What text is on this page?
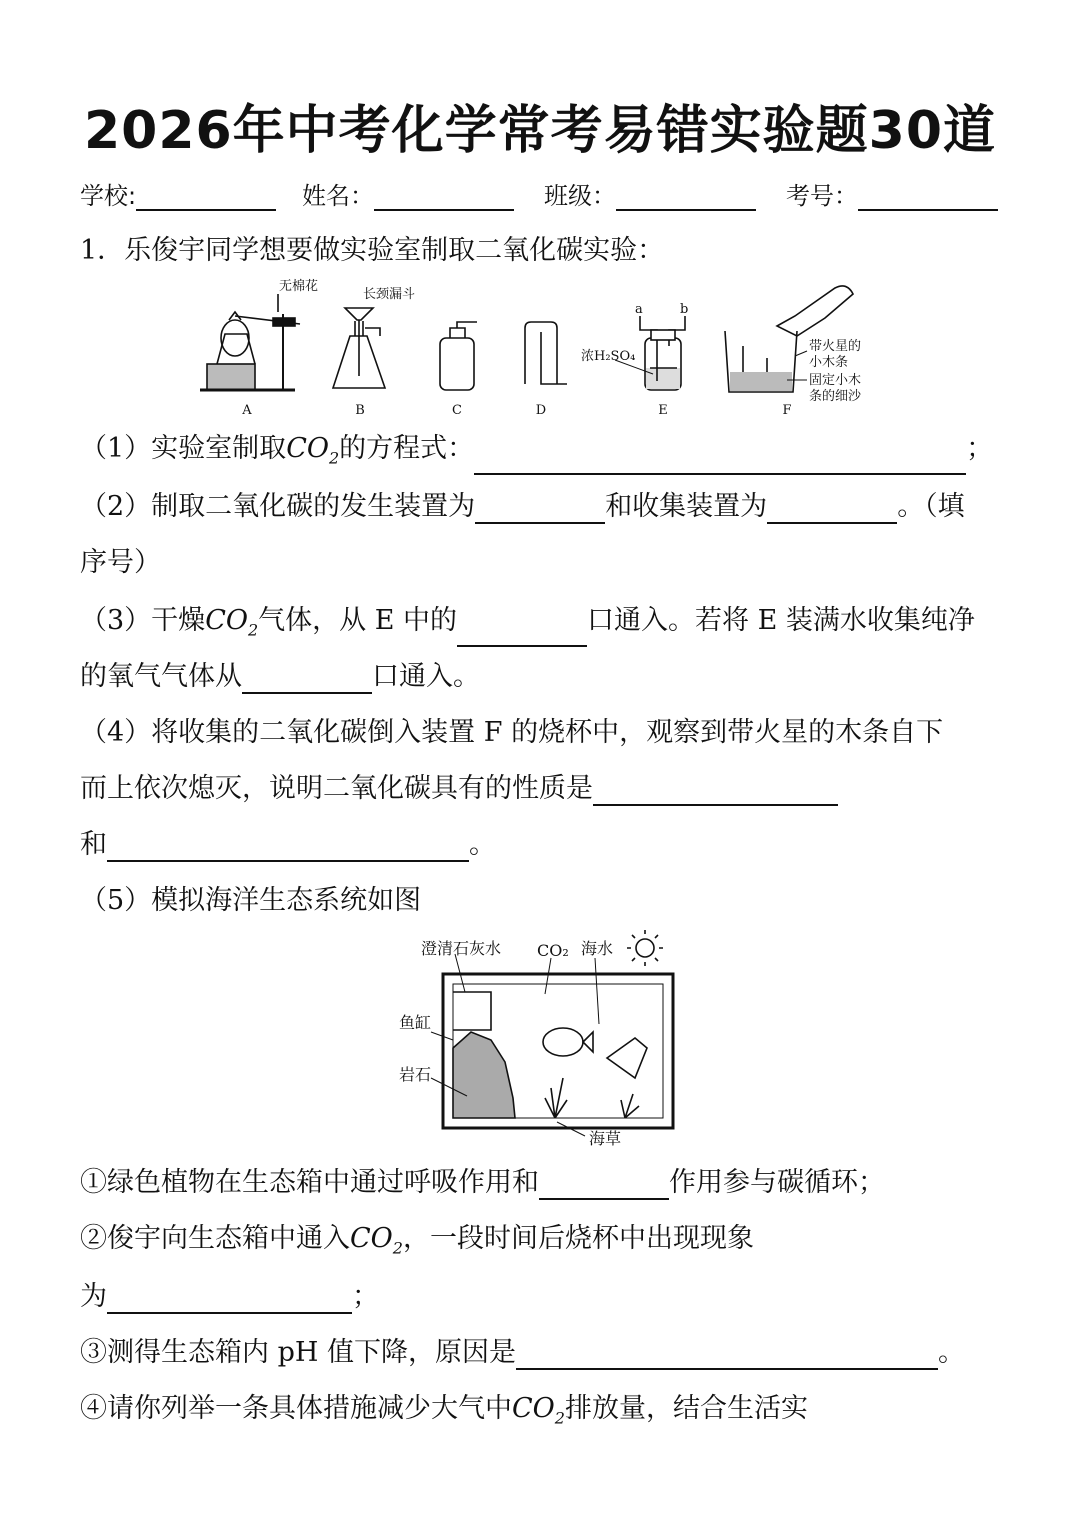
2026年中考化学常考易错实验题30道
学校:	姓名：	班级：	考号：
1．乐俊宇同学想要做实验室制取二氧化碳实验：
无棉花
长颈漏斗
a	b
浓H₂SO₄
带火星的
小木条
固定小木
条的细沙
A	B	C	D	E	F
（1）实验室制取$CO_2$的方程式：	；
（2）制取二氧化碳的发生装置为	和收集装置为	。（填
序号）
（3）干燥$CO_2$气体，从 E 中的	口通入。若将 E 装满水收集纯净
的氧气气体从	口通入。
（4）将收集的二氧化碳倒入装置 F 的烧杯中，观察到带火星的木条自下
而上依次熄灭，说明二氧化碳具有的性质是
和	。
（5）模拟海洋生态系统如图
澄清石灰水 CO₂ 海水
鱼缸
岩石
海草
①绿色植物在生态箱中通过呼吸作用和	作用参与碳循环；
②俊宇向生态箱中通入$CO_2$，一段时间后烧杯中出现现象
为	；
③测得生态箱内 pH 值下降，原因是	。
④请你列举一条具体措施减少大气中$CO_2$排放量，结合生活实
